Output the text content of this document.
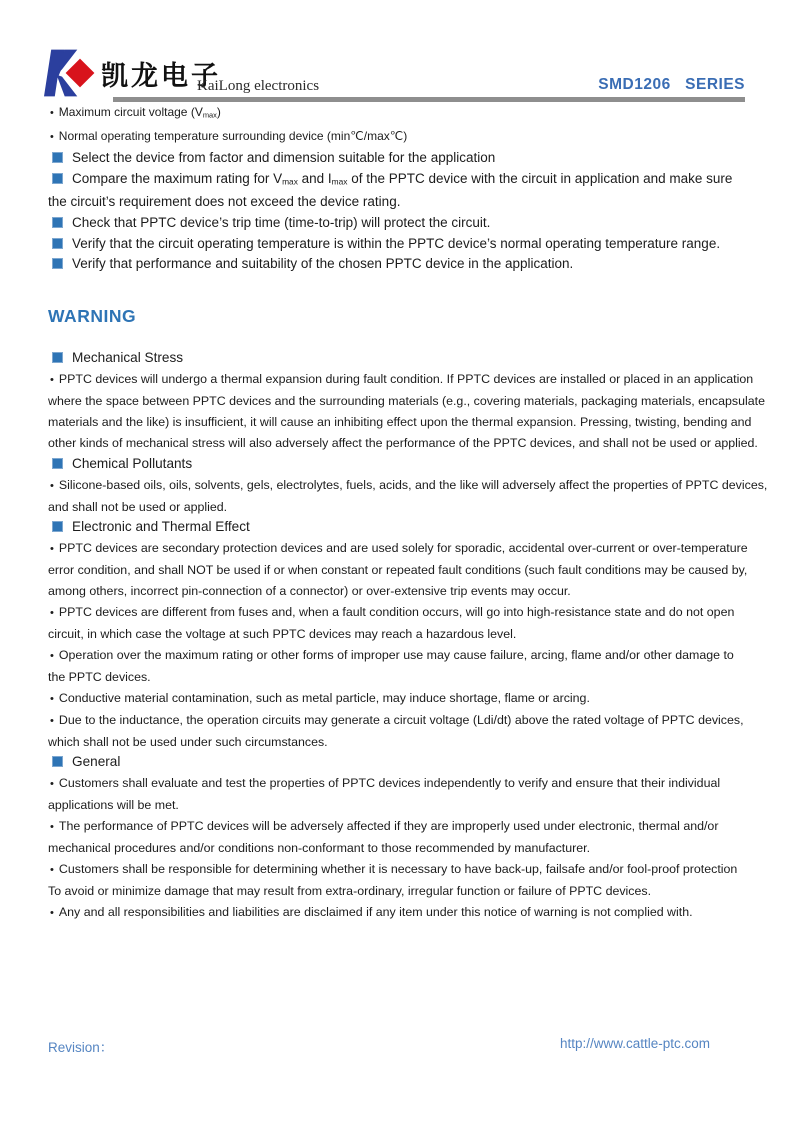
凯龙电子
KaiLong electronics	SMD1206   SERIES
• Maximum circuit voltage $(V_{max})$
• Normal operating temperature surrounding device (min℃/max℃)
Select the device from factor and dimension suitable for the application
Compare the maximum rating for $V_{max}$ and $I_{max}$ of the PPTC device with the circuit in application and make sure
the circuit’s requirement does not exceed the device rating.
Check that PPTC device’s trip time (time-to-trip) will protect the circuit.
Verify that the circuit operating temperature is within the PPTC device’s normal operating temperature range.
Verify that performance and suitability of the chosen PPTC device in the application.
WARNING
Mechanical Stress
• PPTC devices will undergo a thermal expansion during fault condition. If PPTC devices are installed or placed in an application
where the space between PPTC devices and the surrounding materials (e.g., covering materials, packaging materials, encapsulate
materials and the like) is insufficient, it will cause an inhibiting effect upon the thermal expansion. Pressing, twisting, bending and
other kinds of mechanical stress will also adversely affect the performance of the PPTC devices, and shall not be used or applied.
Chemical Pollutants
• Silicone-based oils, oils, solvents, gels, electrolytes, fuels, acids, and the like will adversely affect the properties of PPTC devices,
and shall not be used or applied.
Electronic and Thermal Effect
• PPTC devices are secondary protection devices and are used solely for sporadic, accidental over-current or over-temperature
error condition, and shall NOT be used if or when constant or repeated fault conditions (such fault conditions may be caused by,
among others, incorrect pin-connection of a connector) or over-extensive trip events may occur.
• PPTC devices are different from fuses and, when a fault condition occurs, will go into high-resistance state and do not open
circuit, in which case the voltage at such PPTC devices may reach a hazardous level.
• Operation over the maximum rating or other forms of improper use may cause failure, arcing, flame and/or other damage to
the PPTC devices.
• Conductive material contamination, such as metal particle, may induce shortage, flame or arcing.
• Due to the inductance, the operation circuits may generate a circuit voltage (Ldi/dt) above the rated voltage of PPTC devices,
which shall not be used under such circumstances.
General
• Customers shall evaluate and test the properties of PPTC devices independently to verify and ensure that their individual
applications will be met.
• The performance of PPTC devices will be adversely affected if they are improperly used under electronic, thermal and/or
mechanical procedures and/or conditions non-conformant to those recommended by manufacturer.
• Customers shall be responsible for determining whether it is necessary to have back-up, failsafe and/or fool-proof protection
To avoid or minimize damage that may result from extra-ordinary, irregular function or failure of PPTC devices.
• Any and all responsibilities and liabilities are disclaimed if any item under this notice of warning is not complied with.
Revision：	http://www.cattle-ptc.com
